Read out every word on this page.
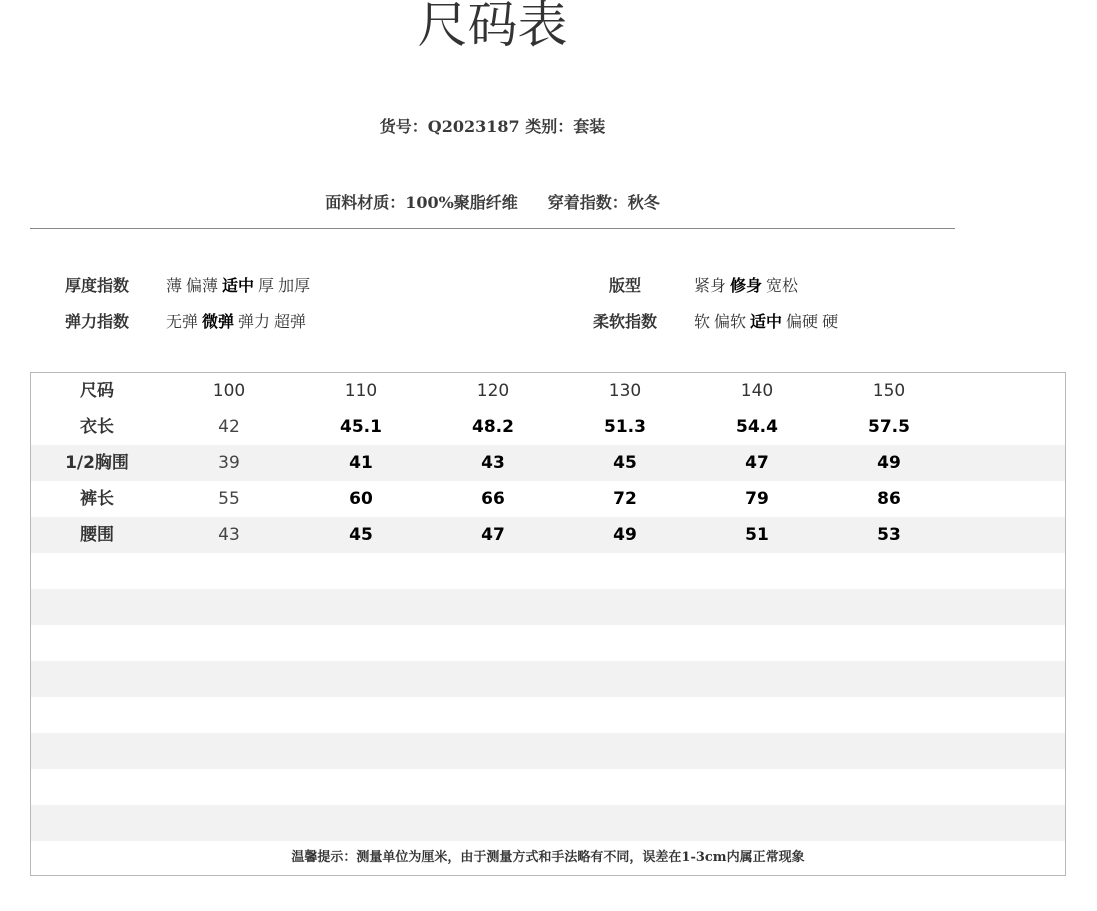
尺码表
货号：Q2023187 类别：套装
面料材质：100%聚脂纤维 穿着指数：秋冬
厚度指数	薄 偏薄 适中 厚 加厚
弹力指数	无弹 微弹 弹力 超弹
版型	紧身 修身 宽松
柔软指数	软 偏软 适中 偏硬 硬
尺码	100	110	120	130	140	150
衣长	42	45.1	48.2	51.3	54.4	57.5
1/2胸围	39	41	43	45	47	49
裤长	55	60	66	72	79	86
腰围	43	45	47	49	51	53
温馨提示：测量单位为厘米，由于测量方式和手法略有不同，误差在1-3cm内属正常现象
